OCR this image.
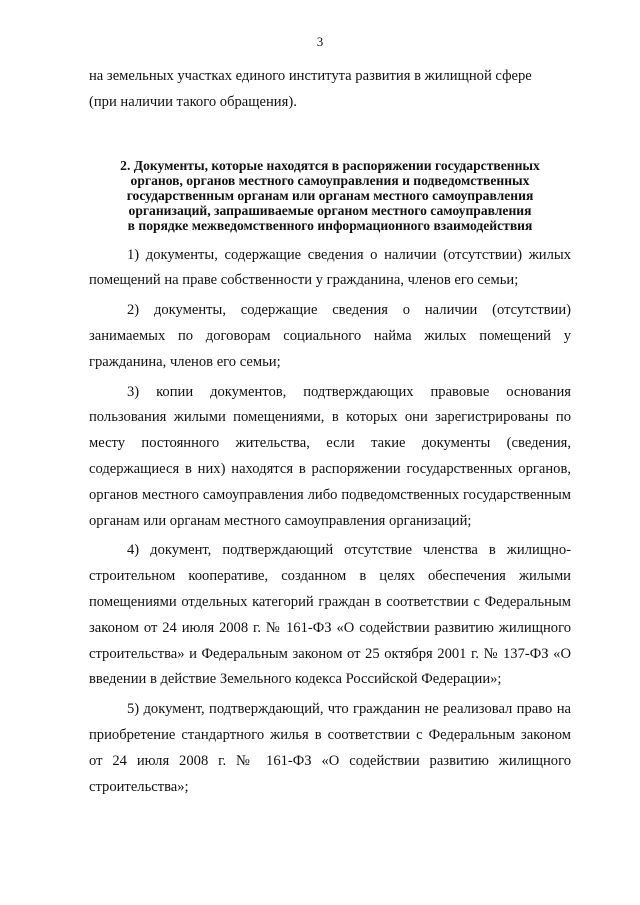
3

на земельных участках единого института развития в жилищной сфере
(при наличии такого обращения).

2. Документы, которые находятся в распоряжении государственных
органов, органов местного самоуправления и подведомственных
государственным органам или органам местного самоуправления
организаций, запрашиваемые органом местного самоуправления
в порядке межведомственного информационного взаимодействия

1) документы, содержащие сведения о наличии (отсутствии) жилых помещений на праве собственности у гражданина, членов его семьи;

2) документы, содержащие сведения о наличии (отсутствии) занимаемых по договорам социального найма жилых помещений у гражданина, членов его семьи;

3) копии документов, подтверждающих правовые основания пользования жилыми помещениями, в которых они зарегистрированы по месту постоянного жительства, если такие документы (сведения, содержащиеся в них) находятся в распоряжении государственных органов, органов местного самоуправления либо подведомственных государственным органам или органам местного самоуправления организаций;

4) документ, подтверждающий отсутствие членства в жилищно-строительном кооперативе, созданном в целях обеспечения жилыми помещениями отдельных категорий граждан в соответствии с Федеральным законом от 24 июля 2008 г. № 161-ФЗ «О содействии развитию жилищного строительства» и Федеральным законом от 25 октября 2001 г. № 137-ФЗ «О введении в действие Земельного кодекса Российской Федерации»;

5) документ, подтверждающий, что гражданин не реализовал право на приобретение стандартного жилья в соответствии с Федеральным законом от 24 июля 2008 г. № 161-ФЗ «О содействии развитию жилищного строительства»;
